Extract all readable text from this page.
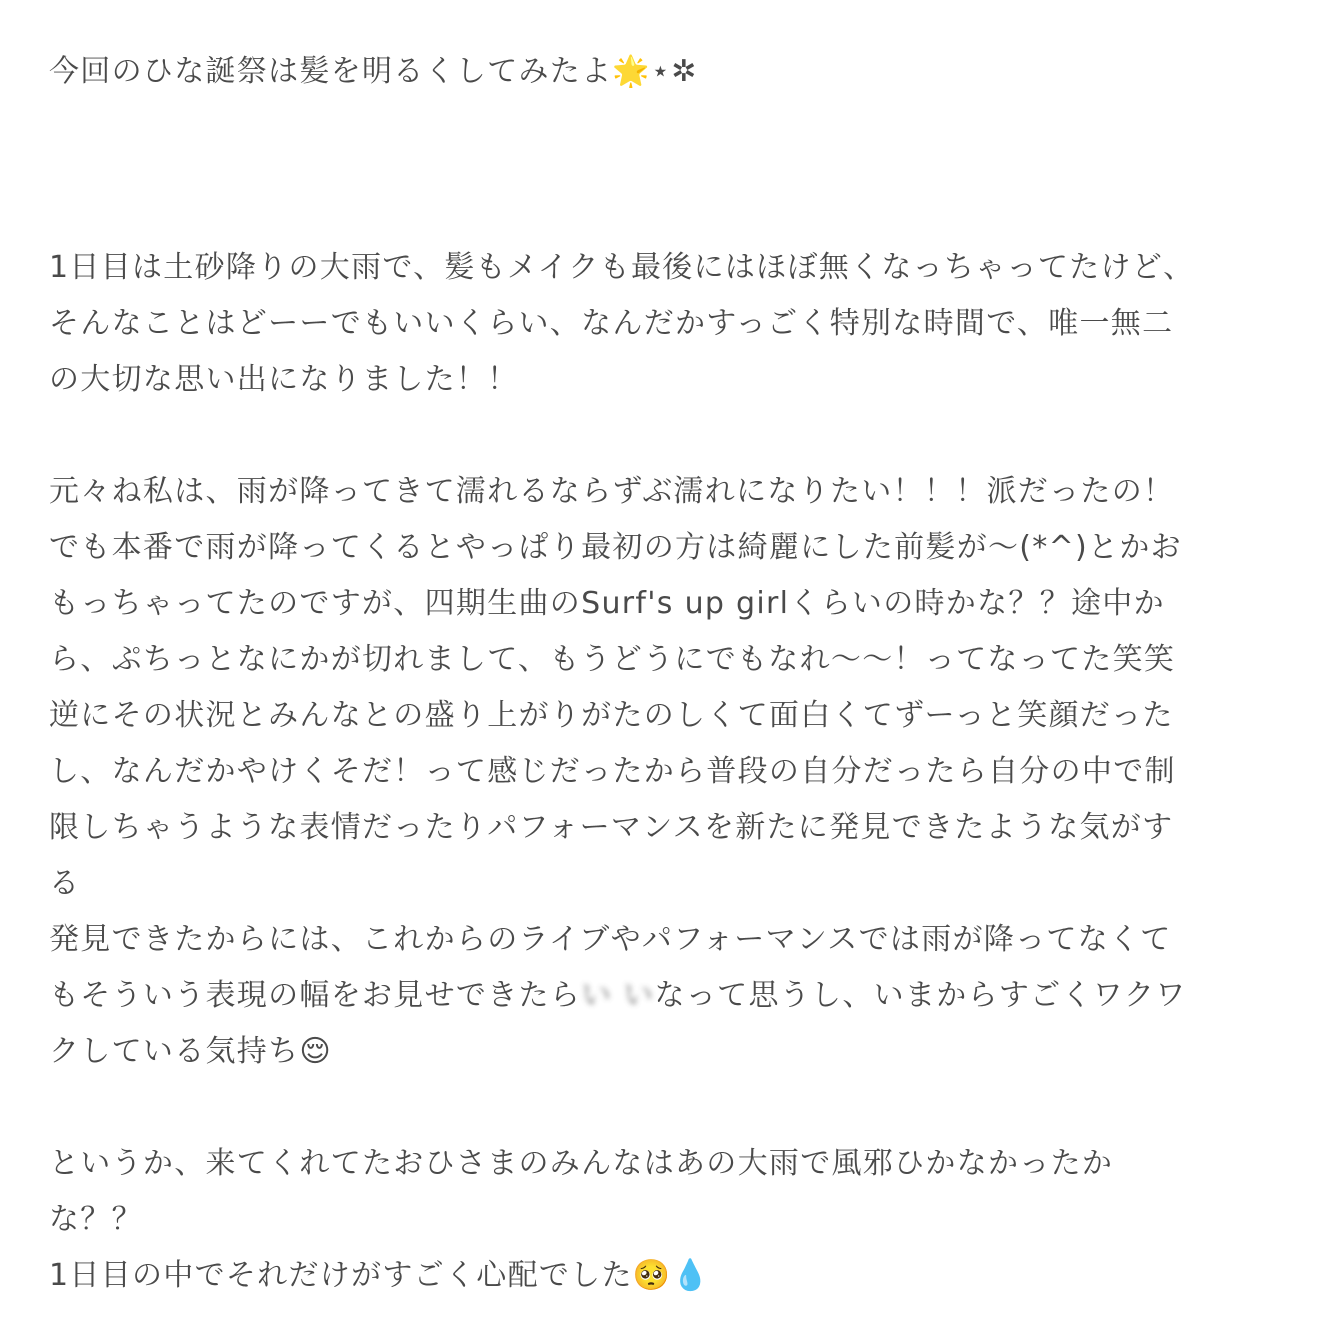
今回のひな誕祭は髪を明るくしてみたよ🌟⋆✲
1日目は土砂降りの大雨で、髪もメイクも最後にはほぼ無くなっちゃってたけど、
そんなことはどーーでもいいくらい、なんだかすっごく特別な時間で、唯一無二
の大切な思い出になりました！！
元々ね私は、雨が降ってきて濡れるならずぶ濡れになりたい！！！派だったの！
でも本番で雨が降ってくるとやっぱり最初の方は綺麗にした前髪が〜(*^)とかお
もっちゃってたのですが、四期生曲のSurf's up girlくらいの時かな？？途中か
ら、ぷちっとなにかが切れまして、もうどうにでもなれ〜〜！ってなってた笑笑
逆にその状況とみんなとの盛り上がりがたのしくて面白くてずーっと笑顔だった
し、なんだかやけくそだ！って感じだったから普段の自分だったら自分の中で制
限しちゃうような表情だったりパフォーマンスを新たに発見できたような気がす
る
発見できたからには、これからのライブやパフォーマンスでは雨が降ってなくて
もそういう表現の幅をお見せできたらい いなって思うし、いまからすごくワクワ
クしている気持ち😌
というか、来てくれてたおひさまのみんなはあの大雨で風邪ひかなかったか
な？？
1日目の中でそれだけがすごく心配でした🥺💧
